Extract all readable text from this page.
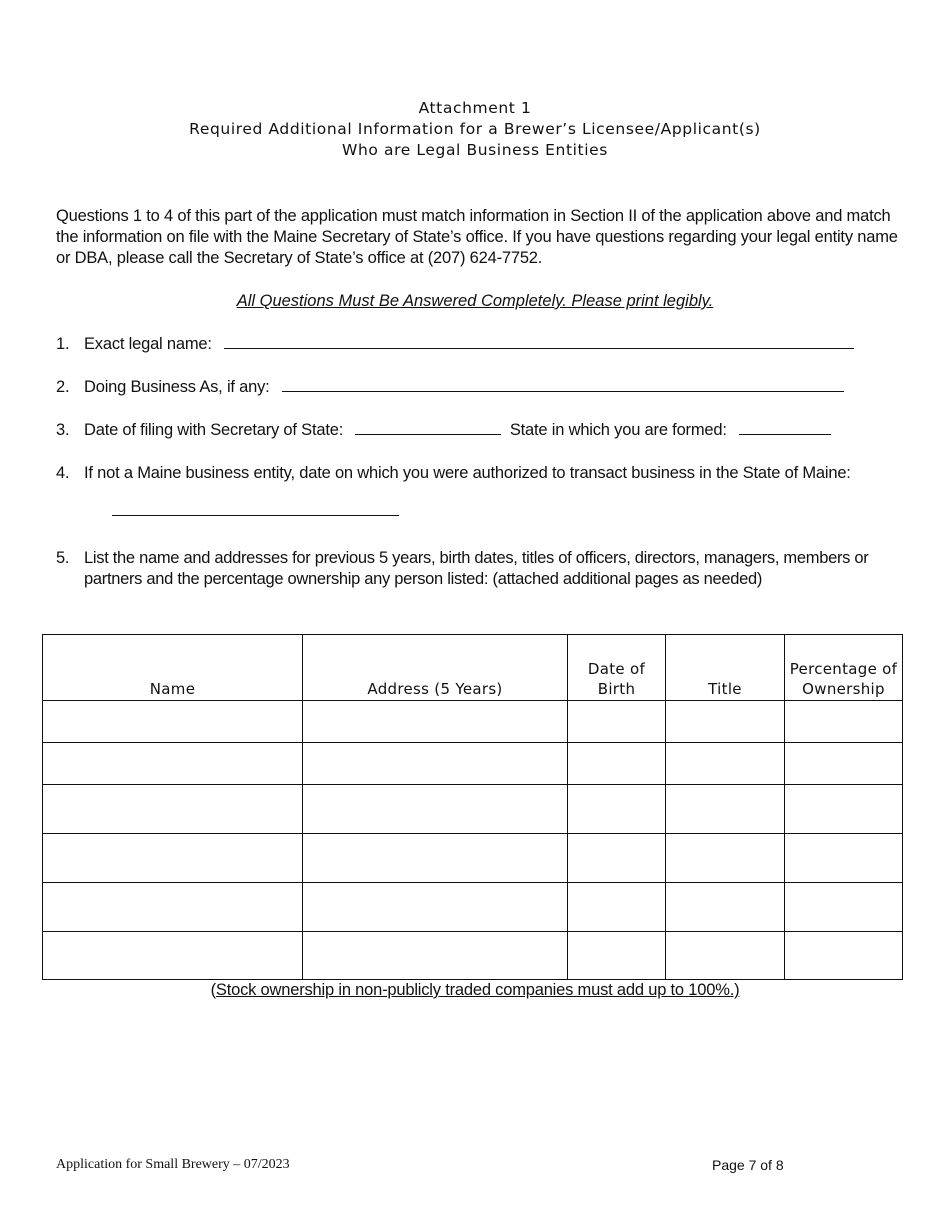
Attachment 1
Required Additional Information for a Brewer’s Licensee/Applicant(s)
Who are Legal Business Entities
Questions 1 to 4 of this part of the application must match information in Section II of the application above and match the information on file with the Maine Secretary of State’s office. If you have questions regarding your legal entity name or DBA, please call the Secretary of State’s office at (207) 624-7752.
All Questions Must Be Answered Completely. Please print legibly.
1. Exact legal name:
2. Doing Business As, if any:
3. Date of filing with Secretary of State:	State in which you are formed:
4. If not a Maine business entity, date on which you were authorized to transact business in the State of Maine:
5. List the name and addresses for previous 5 years, birth dates, titles of officers, directors, managers, members or partners and the percentage ownership any person listed: (attached additional pages as needed)
Name	Address (5 Years)	Date of Birth	Title	Percentage of Ownership

(Stock ownership in non-publicly traded companies must add up to 100%.)
Application for Small Brewery – 07/2023	Page 7 of 8
